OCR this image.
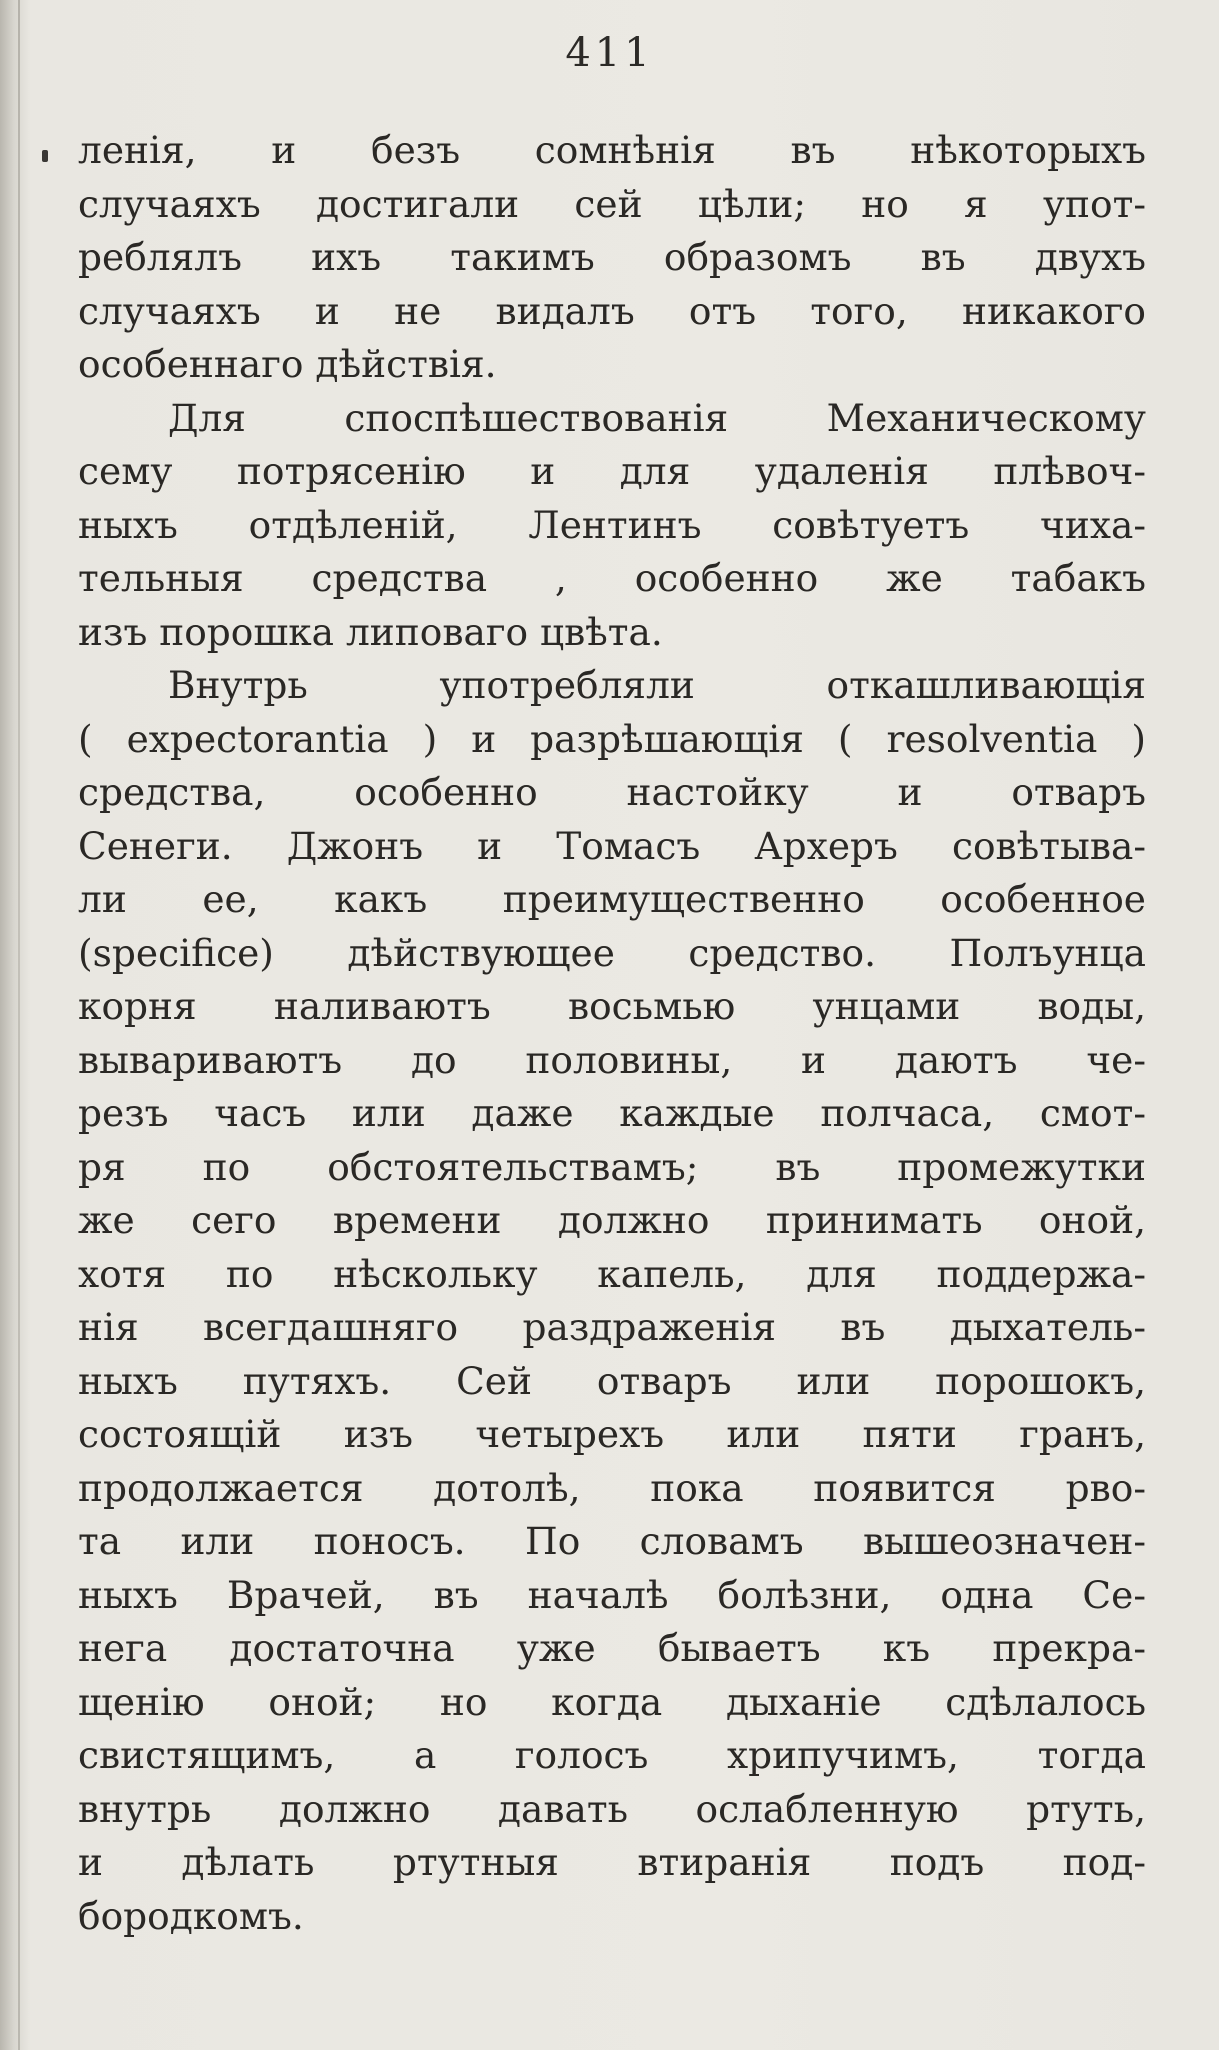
411
ленія, и безъ сомнѣнія въ нѣкоторыхъ
случаяхъ достигали сей цѣли; но я упот-
реблялъ ихъ такимъ образомъ въ двухъ
случаяхъ и не видалъ отъ того, никакого
особеннаго дѣйствія.
Для споспѣшествованія Механическому
сему потрясенію и для удаленія плѣвоч-
ныхъ отдѣленій, Лентинъ совѣтуетъ чиха-
тельныя средства , особенно же табакъ
изъ порошка липоваго цвѣта.
Внутрь употребляли откашливающія
( expectorantia ) и разрѣшающія ( resolventia )
средства, особенно настойку и отваръ
Сенеги. Джонъ и Томасъ Археръ совѣтыва-
ли ее, какъ преимущественно особенное
(specifice) дѣйствующее средство. Полъунца
корня наливаютъ восьмью унцами воды,
вывариваютъ до половины, и даютъ че-
резъ часъ или даже каждые полчаса, смот-
ря по обстоятельствамъ; въ промежутки
же сего времени должно принимать оной,
хотя по нѣскольку капель, для поддержа-
нія всегдашняго раздраженія въ дыхатель-
ныхъ путяхъ. Сей отваръ или порошокъ,
состоящій изъ четырехъ или пяти гранъ,
продолжается дотолѣ, пока появится рво-
та или поносъ. По словамъ вышеозначен-
ныхъ Врачей, въ началѣ болѣзни, одна Се-
нега достаточна уже бываетъ къ прекра-
щенію оной; но когда дыханіе сдѣлалось
свистящимъ, а голосъ хрипучимъ, тогда
внутрь должно давать ослабленную ртуть,
и дѣлать ртутныя втиранія подъ под-
бородкомъ.
